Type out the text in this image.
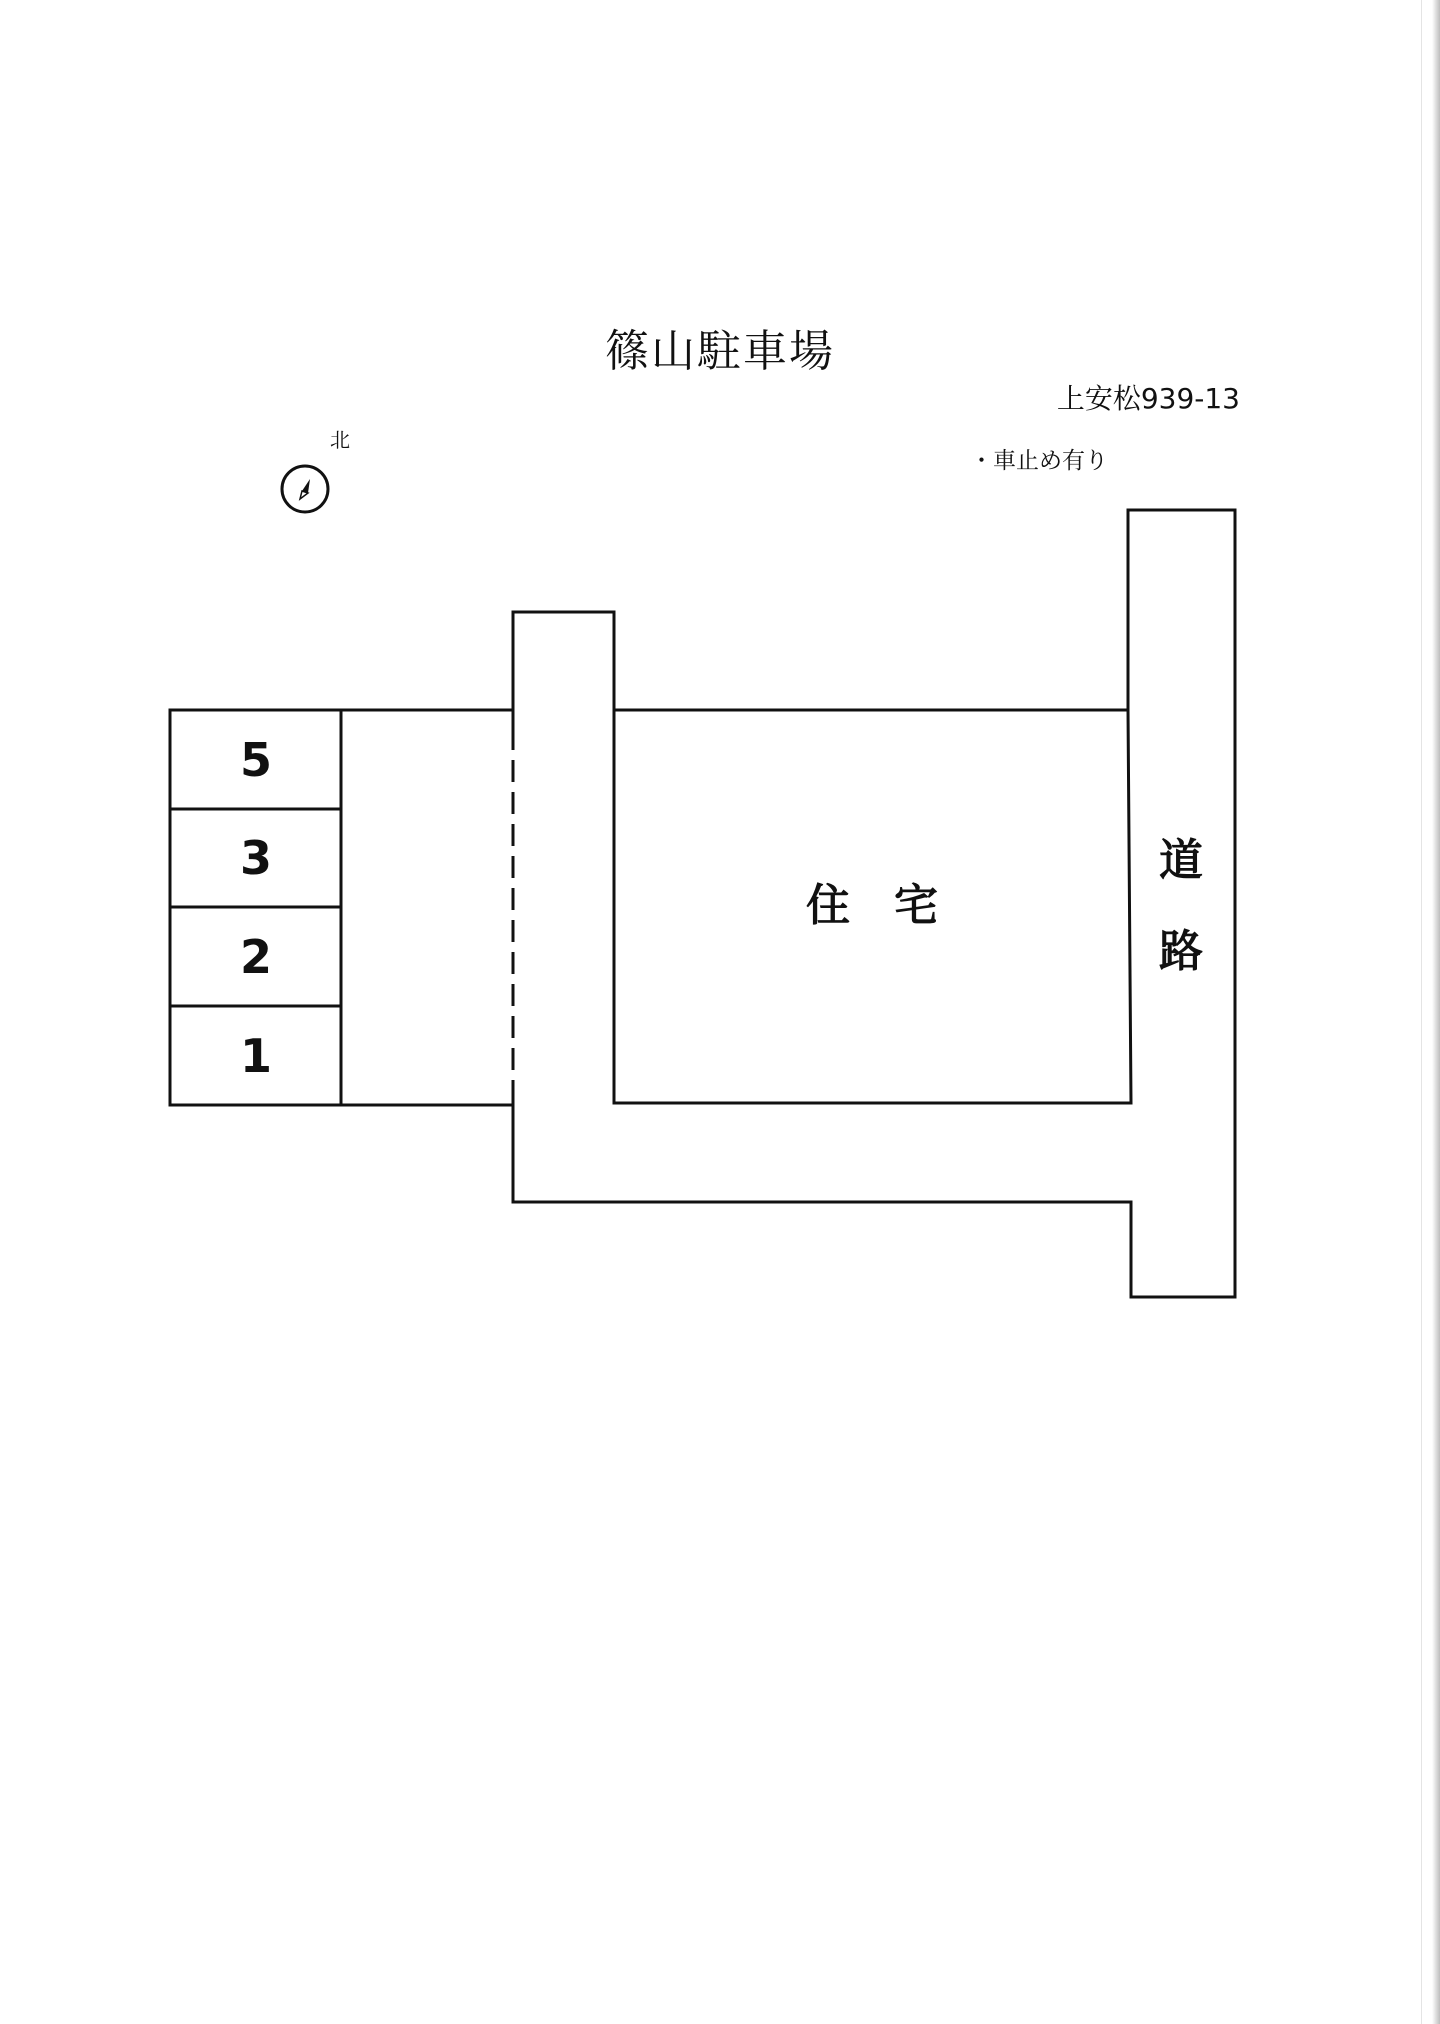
篠山駐車場
上安松939-13
・車止め有り
北
5
3
2
1
住　宅
道
路
